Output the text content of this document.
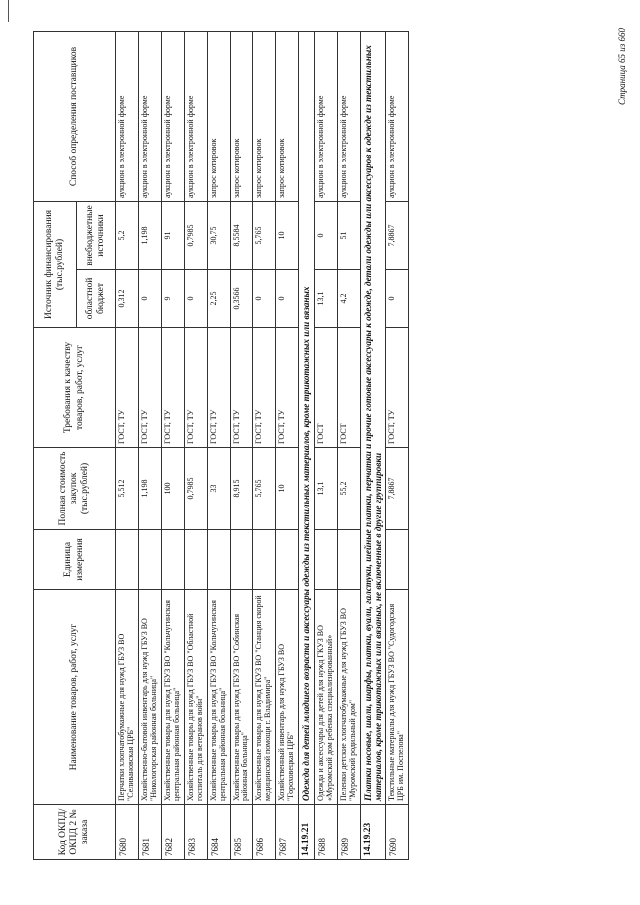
Код ОКПД/ ОКПД 2 № заказа	Наименование товаров, работ, услуг	Единица измерения	Полная стоимость закупок (тыс.рублей)	Требования к качеству товаров, работ, услуг	Источник финансирования (тыс.рублей)		Способ определения поставщиков
					областной бюджет	внебюджетные источники	
7680	Перчатки хлопчатобумажные для нужд ГБУЗ ВО "Селивановская ЦРБ"		5,512	ГОСТ, ТУ	0,312	5,2	аукцион в электронной форме
7681	Хозяйственно-бытовой инвентарь для нужд ГБУЗ ВО "Никологорская районная больница"		1,198	ГОСТ, ТУ	0	1,198	аукцион в электронной форме
7682	Хозяйственные товары для нужд ГБУЗ ВО "Кольчугинская центральная районная больница"		100	ГОСТ, ТУ	9	91	аукцион в электронной форме
7683	Хозяйственные товары для нужд ГБУЗ ВО "Областной госпиталь для ветеранов войн"		0,7985	ГОСТ, ТУ	0	0,7985	аукцион в электронной форме
7684	Хозяйственные товары для нужд ГБУЗ ВО "Кольчугинская центральная районная больница"		33	ГОСТ, ТУ	2,25	30,75	запрос котировок
7685	Хозяйственные товары для нужд ГБУЗ ВО "Собинская районная больница"		8,915	ГОСТ, ТУ	0,3566	8,5584	запрос котировок
7686	Хозяйственные товары для нужд ГКУЗ ВО "Станция скорой медицинской помощи г. Владимира"		5,765	ГОСТ, ТУ	0	5,765	запрос котировок
7687	Хозяйственный инвентарь для нужд ГБУЗ ВО "Гороховецкая ЦРБ"		10	ГОСТ, ТУ	0	10	запрос котировок
14.19.21	Одежда для детей младшего возраста и аксессуары одежды из текстильных материалов, кроме трикотажных или вязаных						
7688	Одежда и аксессуары для детей для нужд ГКУЗ ВО «Муромский дом ребенка специализированный»		13,1	ГОСТ	13,1	0	аукцион в электронной форме
7689	Пеленки детские хлопчатобумажные для нужд ГБУЗ ВО "Муромский родильный дом"		55,2	ГОСТ	4,2	51	аукцион в электронной форме
14.19.23	Платки носовые, шали, шарфы, платки, вуали, галстуки, шейные платки, перчатки и прочие готовые аксессуары к одежде, детали одежды или аксессуаров к одежде из текстильных материалов, кроме трикотажных или вязаных, не включенные в другие группировки						
7690	Текстильные материалы для нужд ГБУЗ ВО "Судогодская ЦРБ им. Поспелова"		7,8867	ГОСТ, ТУ	0	7,8867	аукцион в электронной форме
Страница 65 из 660
